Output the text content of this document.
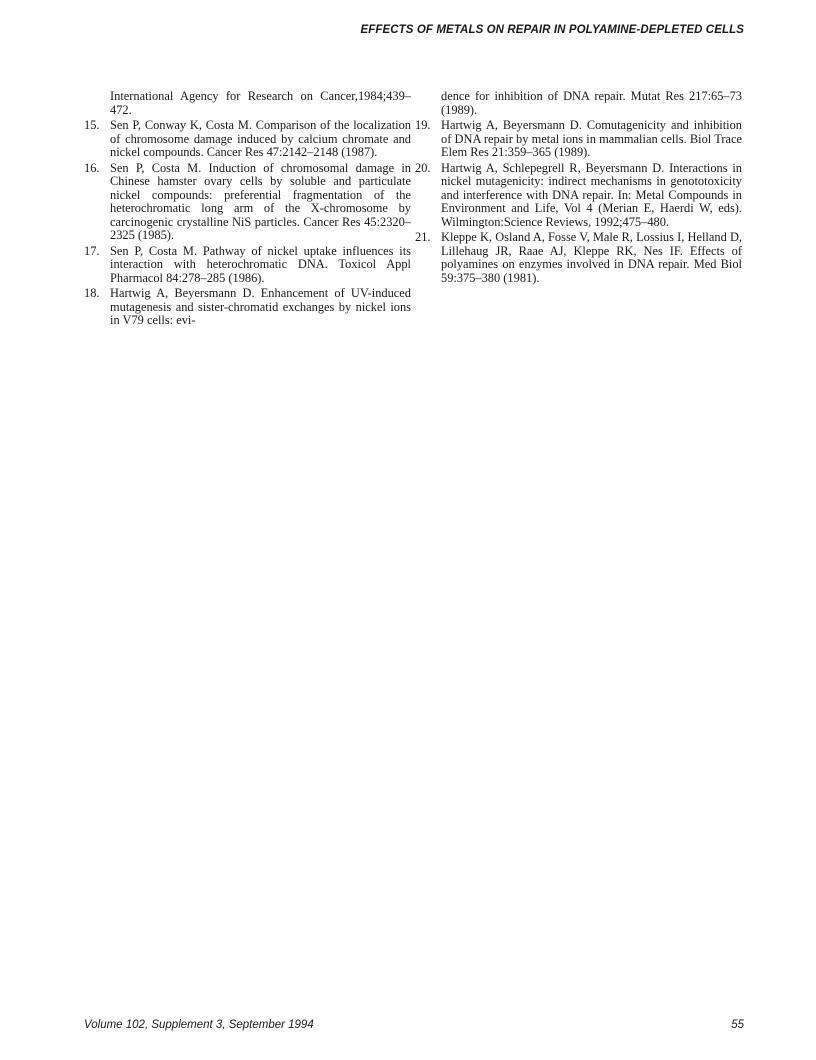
EFFECTS OF METALS ON REPAIR IN POLYAMINE-DEPLETED CELLS
International Agency for Research on Cancer,1984;439–472.
15. Sen P, Conway K, Costa M. Comparison of the localization of chromosome damage induced by calcium chromate and nickel compounds. Cancer Res 47:2142–2148 (1987).
16. Sen P, Costa M. Induction of chromosomal damage in Chinese hamster ovary cells by soluble and particulate nickel compounds: preferential fragmentation of the heterochromatic long arm of the X-chromosome by carcinogenic crystalline NiS particles. Cancer Res 45:2320–2325 (1985).
17. Sen P, Costa M. Pathway of nickel uptake influences its interaction with heterochromatic DNA. Toxicol Appl Pharmacol 84:278–285 (1986).
18. Hartwig A, Beyersmann D. Enhancement of UV-induced mutagenesis and sister-chromatid exchanges by nickel ions in V79 cells: evi-
dence for inhibition of DNA repair. Mutat Res 217:65–73 (1989).
19. Hartwig A, Beyersmann D. Comutagenicity and inhibition of DNA repair by metal ions in mammalian cells. Biol Trace Elem Res 21:359–365 (1989).
20. Hartwig A, Schlepegrell R, Beyersmann D. Interactions in nickel mutagenicity: indirect mechanisms in genototoxicity and interference with DNA repair. In: Metal Compounds in Environment and Life, Vol 4 (Merian E, Haerdi W, eds). Wilmington:Science Reviews, 1992;475–480.
21. Kleppe K, Osland A, Fosse V, Male R, Lossius I, Helland D, Lillehaug JR, Raae AJ, Kleppe RK, Nes IF. Effects of polyamines on enzymes involved in DNA repair. Med Biol 59:375–380 (1981).
Volume 102, Supplement 3, September 1994	55
